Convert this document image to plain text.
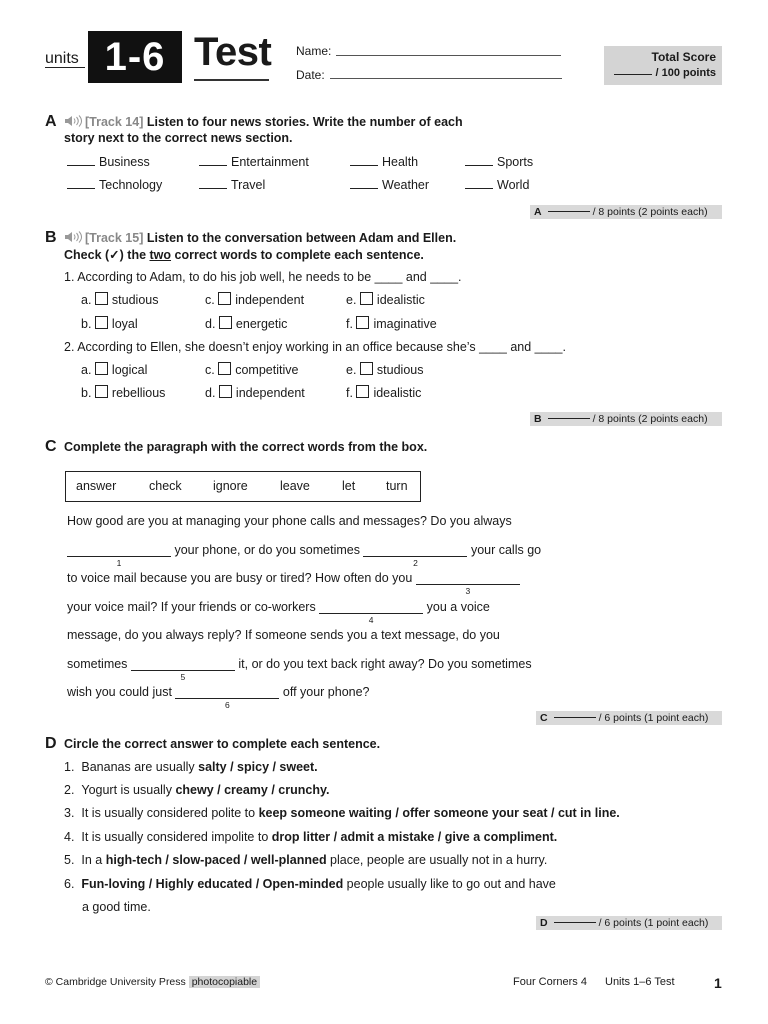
units 1-6 Test Name:
Date:
Total Score
/ 100 points
A	[Track 14] Listen to four news stories. Write the number of each
story next to the correct news section.
Business	Entertainment	Health	Sports
Technology	Travel	Weather	World
A	/ 8 points (2 points each)
B	[Track 15] Listen to the conversation between Adam and Ellen.
Check (✓) the two correct words to complete each sentence.
1. According to Adam, to do his job well, he needs to be ____ and ____.
a. studious	c. independent	e. idealistic
b. loyal	d. energetic	f. imaginative
2. According to Ellen, she doesn’t enjoy working in an office because she’s ____ and ____.
a. logical	c. competitive	e. studious
b. rebellious	d. independent	f. idealistic
B	/ 8 points (2 points each)
C Complete the paragraph with the correct words from the box.
answer	check	ignore	leave	let turn
How good are you at managing your phone calls and messages? Do you always
1
your phone, or do you sometimes
2
your calls go
to voice mail because you are busy or tired? How often do you
3
your voice mail? If your friends or co-workers
4
you a voice
message, do you always reply? If someone sends you a text message, do you
sometimes
5
it, or do you text back right away? Do you sometimes
wish you could just
6
off your phone?
C	/ 6 points (1 point each)
D Circle the correct answer to complete each sentence.
1. Bananas are usually salty / spicy / sweet.
2. Yogurt is usually chewy / creamy / crunchy.
3. It is usually considered polite to keep someone waiting / offer someone your seat / cut in line.
4. It is usually considered impolite to drop litter / admit a mistake / give a compliment.
5. In a high-tech / slow-paced / well-planned place, people are usually not in a hurry.
6. Fun-loving / Highly educated / Open-minded people usually like to go out and have
a good time.
D	/ 6 points (1 point each)
© Cambridge University Press photocopiable	Four Corners 4 Units 1–6 Test	1
